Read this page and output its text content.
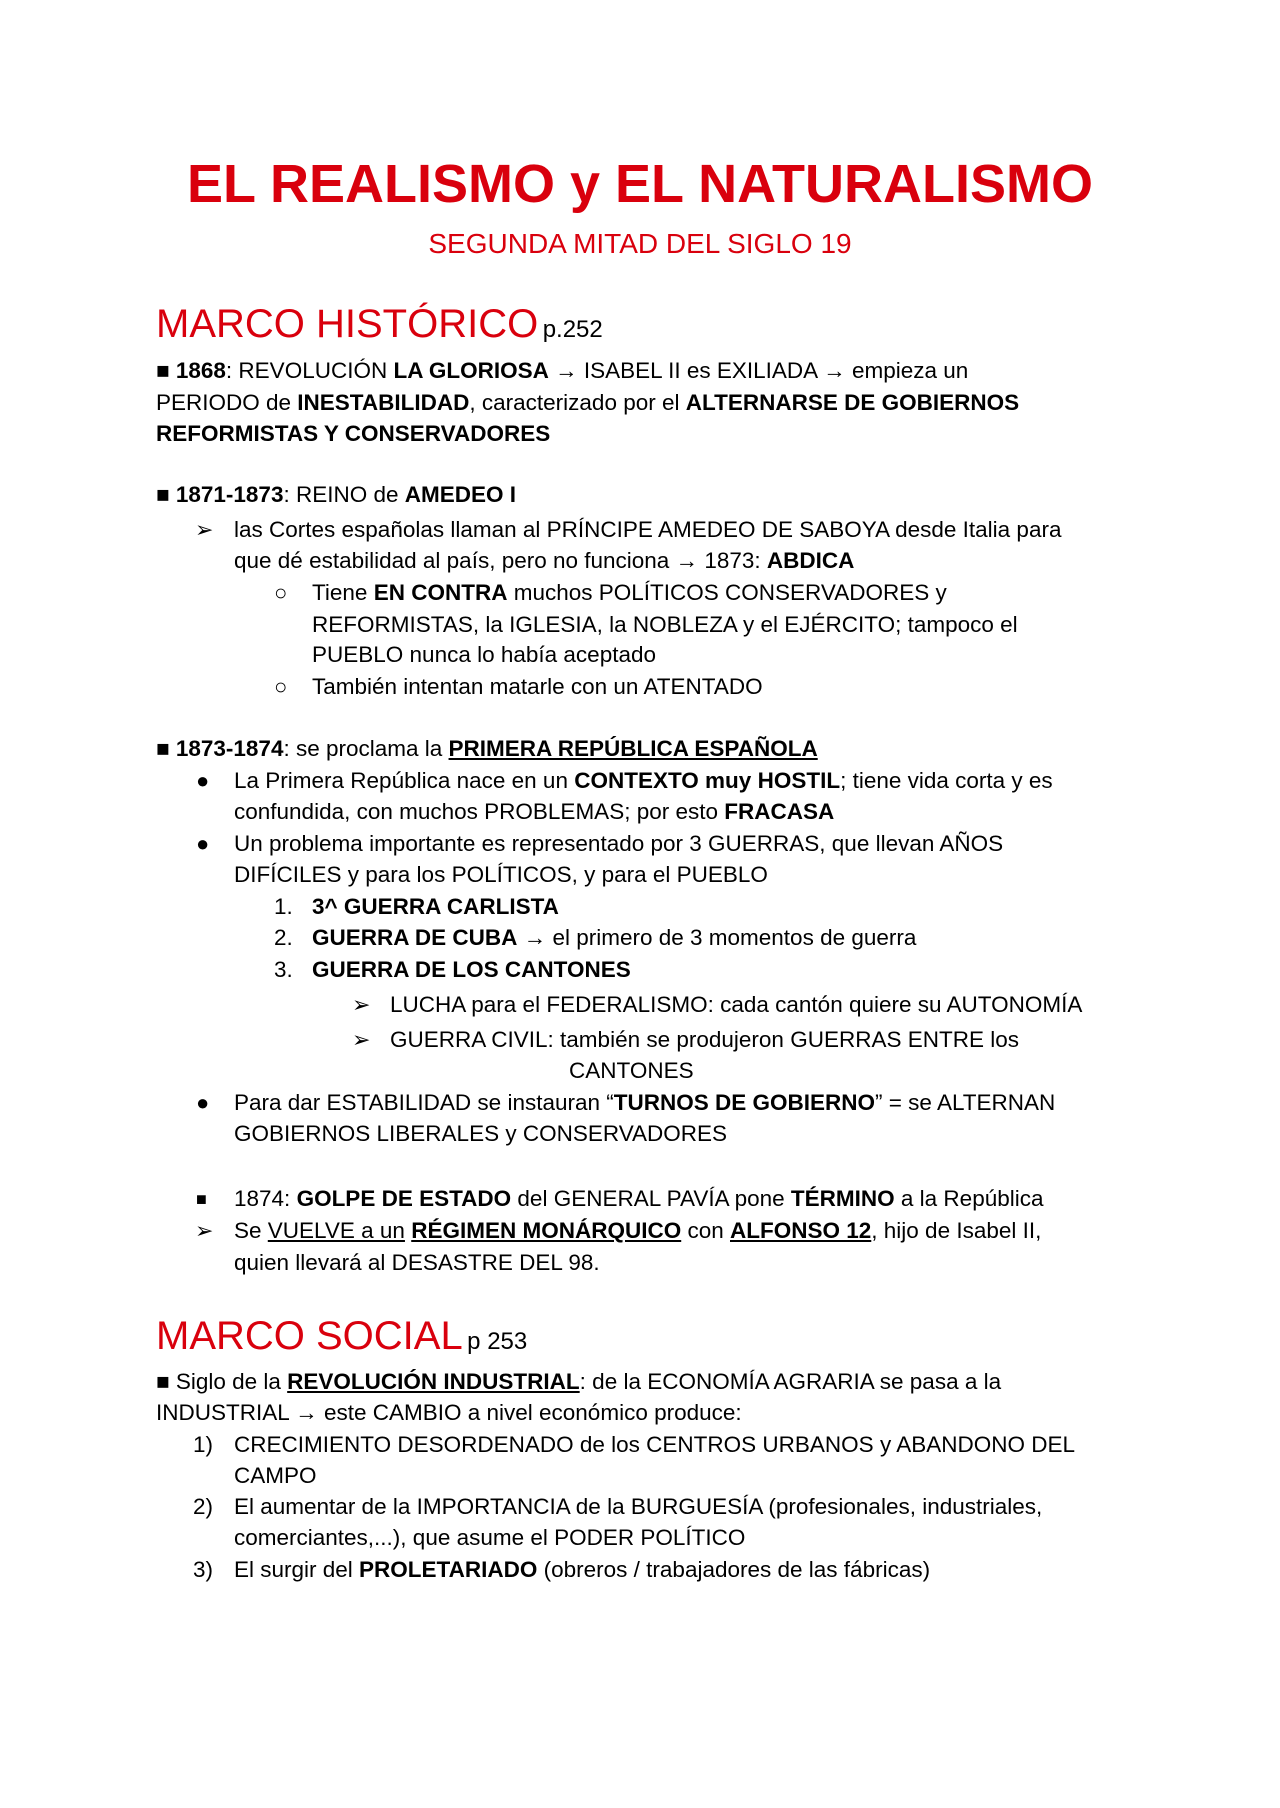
EL REALISMO y EL NATURALISMO
SEGUNDA MITAD DEL SIGLO 19
MARCO HISTÓRICO p.252
■ 1868: REVOLUCIÓN LA GLORIOSA → ISABEL II es EXILIADA → empieza un
PERIODO de INESTABILIDAD, caracterizado por el ALTERNARSE DE GOBIERNOS
REFORMISTAS Y CONSERVADORES
■ 1871-1873: REINO de AMEDEO I
➢ las Cortes españolas llaman al PRÍNCIPE AMEDEO DE SABOYA desde Italia para
que dé estabilidad al país, pero no funciona → 1873: ABDICA
○ Tiene EN CONTRA muchos POLÍTICOS CONSERVADORES y
REFORMISTAS, la IGLESIA, la NOBLEZA y el EJÉRCITO; tampoco el
PUEBLO nunca lo había aceptado
○ También intentan matarle con un ATENTADO
■ 1873-1874: se proclama la PRIMERA REPÚBLICA ESPAÑOLA
● La Primera República nace en un CONTEXTO muy HOSTIL; tiene vida corta y es
confundida, con muchos PROBLEMAS; por esto FRACASA
● Un problema importante es representado por 3 GUERRAS, que llevan AÑOS
DIFÍCILES y para los POLÍTICOS, y para el PUEBLO
1. 3^ GUERRA CARLISTA
2. GUERRA DE CUBA → el primero de 3 momentos de guerra
3. GUERRA DE LOS CANTONES
➢ LUCHA para el FEDERALISMO: cada cantón quiere su AUTONOMÍA
➢ GUERRA CIVIL: también se produjeron GUERRAS ENTRE los
CANTONES
● Para dar ESTABILIDAD se instauran “TURNOS DE GOBIERNO” = se ALTERNAN
GOBIERNOS LIBERALES y CONSERVADORES
■ 1874: GOLPE DE ESTADO del GENERAL PAVÍA pone TÉRMINO a la República
➢ Se VUELVE a un RÉGIMEN MONÁRQUICO con ALFONSO 12, hijo de Isabel II,
quien llevará al DESASTRE DEL 98.
MARCO SOCIAL p 253
■ Siglo de la REVOLUCIÓN INDUSTRIAL: de la ECONOMÍA AGRARIA se pasa a la
INDUSTRIAL → este CAMBIO a nivel económico produce:
1) CRECIMIENTO DESORDENADO de los CENTROS URBANOS y ABANDONO DEL
CAMPO
2) El aumentar de la IMPORTANCIA de la BURGUESÍA (profesionales, industriales,
comerciantes,...), que asume el PODER POLÍTICO
3) El surgir del PROLETARIADO (obreros / trabajadores de las fábricas)
